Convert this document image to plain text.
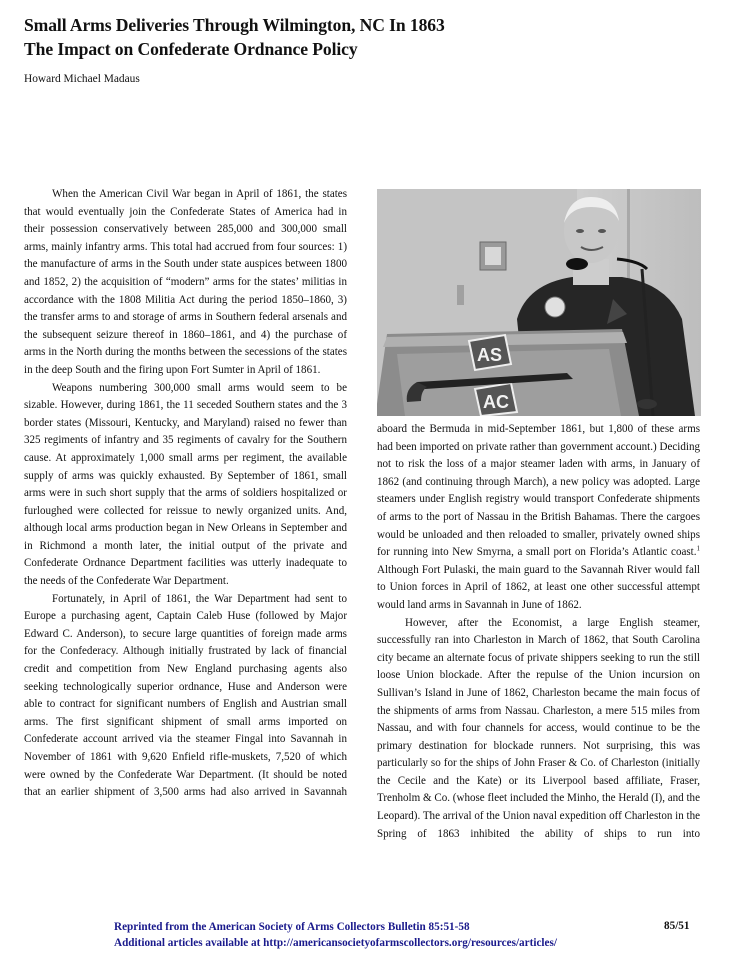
Small Arms Deliveries Through Wilmington, NC In 1863
The Impact on Confederate Ordnance Policy
Howard Michael Madaus

When the American Civil War began in April of 1861, the states that would eventually join the Confederate States of America had in their possession conservatively between 285,000 and 300,000 small arms, mainly infantry arms. This total had accrued from four sources: 1) the manufacture of arms in the South under state auspices between 1800 and 1852, 2) the acquisition of “modern” arms for the states’ militias in accordance with the 1808 Militia Act during the period 1850–1860, 3) the transfer arms to and storage of arms in Southern federal arsenals and the subsequent seizure thereof in 1860–1861, and 4) the purchase of arms in the North during the months between the secessions of the states in the deep South and the firing upon Fort Sumter in April of 1861.

Weapons numbering 300,000 small arms would seem to be sizable. However, during 1861, the 11 seceded Southern states and the 3 border states (Missouri, Kentucky, and Maryland) raised no fewer than 325 regiments of infantry and 35 regiments of cavalry for the Southern cause. At approximately 1,000 small arms per regiment, the available supply of arms was quickly exhausted. By September of 1861, small arms were in such short supply that the arms of soldiers hospitalized or furloughed were collected for reissue to newly organized units. And, although local arms production began in New Orleans in September and in Richmond a month later, the initial output of the private and Confederate Ordnance Department facilities was utterly inadequate to the needs of the Confederate War Department.

Fortunately, in April of 1861, the War Department had sent to Europe a purchasing agent, Captain Caleb Huse (followed by Major Edward C. Anderson), to secure large quantities of foreign made arms for the Confederacy. Although initially frustrated by lack of financial credit and competition from New England purchasing agents also seeking technologically superior ordnance, Huse and Anderson were able to contract for significant numbers of English and Austrian small arms. The first significant shipment of small arms imported on Confederate account arrived via the steamer Fingal into Savannah in November of 1861 with 9,620 Enfield rifle-muskets, 7,520 of which were owned by the Confederate War Department. (It should be noted that an earlier shipment of 3,500 arms had also arrived in Savannah

AS
AC

aboard the Bermuda in mid-September 1861, but 1,800 of these arms had been imported on private rather than government account.) Deciding not to risk the loss of a major steamer laden with arms, in January of 1862 (and continuing through March), a new policy was adopted. Large steamers under English registry would transport Confederate shipments of arms to the port of Nassau in the British Bahamas. There the cargoes would be unloaded and then reloaded to smaller, privately owned ships for running into New Smyrna, a small port on Florida’s Atlantic coast.$^1$ Although Fort Pulaski, the main guard to the Savannah River would fall to Union forces in April of 1862, at least one other successful attempt would land arms in Savannah in June of 1862.

However, after the Economist, a large English steamer, successfully ran into Charleston in March of 1862, that South Carolina city became an alternate focus of private shippers seeking to run the still loose Union blockade. After the repulse of the Union incursion on Sullivan’s Island in June of 1862, Charleston became the main focus of the shipments of arms from Nassau. Charleston, a mere 515 miles from Nassau, and with four channels for access, would continue to be the primary destination for blockade runners. Not surprising, this was particularly so for the ships of John Fraser & Co. of Charleston (initially the Cecile and the Kate) or its Liverpool based affiliate, Fraser, Trenholm & Co. (whose fleet included the Minho, the Herald (I), and the Leopard). The arrival of the Union naval expedition off Charleston in the Spring of 1863 inhibited the ability of ships to run into

Reprinted from the American Society of Arms Collectors Bulletin 85:51-58
Additional articles available at http://americansocietyofarmscollectors.org/resources/articles/
85/51
